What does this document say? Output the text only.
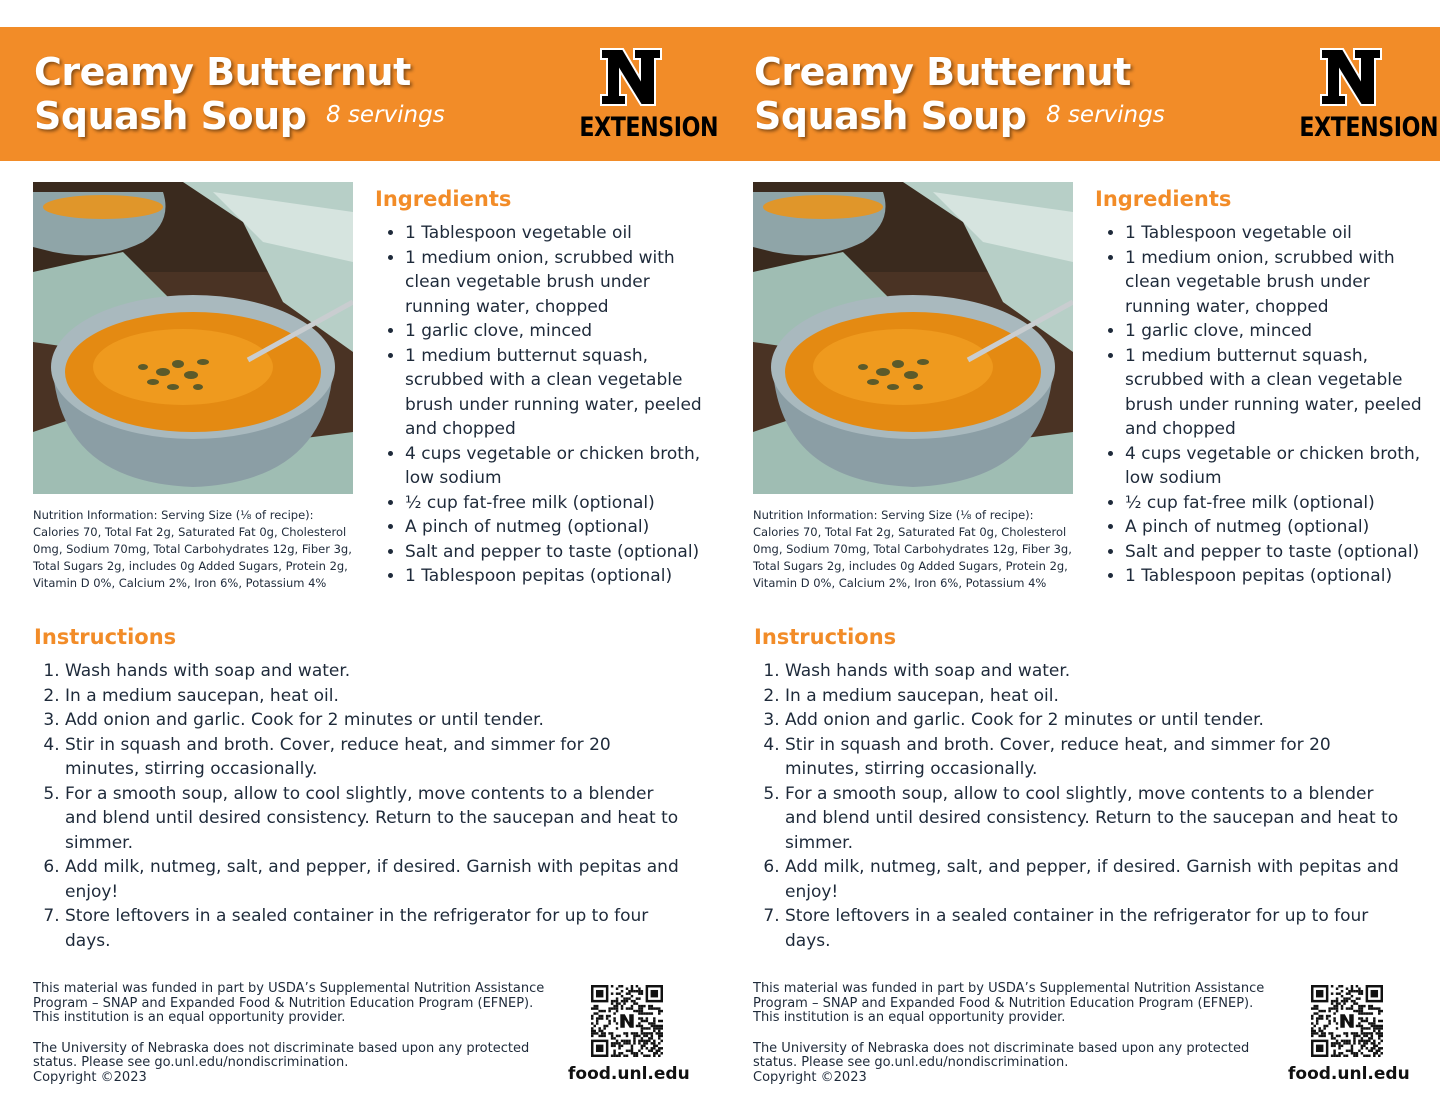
Creamy Butternut
Squash Soup 8 servings	EXTENSION
Nutrition Information: Serving Size (⅛ of recipe): Calories 70, Total Fat 2g, Saturated Fat 0g, Cholesterol 0mg, Sodium 70mg, Total Carbohydrates 12g, Fiber 3g, Total Sugars 2g, includes 0g Added Sugars, Protein 2g, Vitamin D 0%, Calcium 2%, Iron 6%, Potassium 4%
Ingredients
• 1 Tablespoon vegetable oil
• 1 medium onion, scrubbed with clean vegetable brush under running water, chopped
• 1 garlic clove, minced
• 1 medium butternut squash, scrubbed with a clean vegetable brush under running water, peeled and chopped
• 4 cups vegetable or chicken broth, low sodium
• ½ cup fat-free milk (optional)
• A pinch of nutmeg (optional)
• Salt and pepper to taste (optional)
• 1 Tablespoon pepitas (optional)
Instructions
1. Wash hands with soap and water.
2. In a medium saucepan, heat oil.
3. Add onion and garlic. Cook for 2 minutes or until tender.
4. Stir in squash and broth. Cover, reduce heat, and simmer for 20 minutes, stirring occasionally.
5. For a smooth soup, allow to cool slightly, move contents to a blender and blend until desired consistency. Return to the saucepan and heat to simmer.
6. Add milk, nutmeg, salt, and pepper, if desired. Garnish with pepitas and enjoy!
7. Store leftovers in a sealed container in the refrigerator for up to four days.

This material was funded in part by USDA’s Supplemental Nutrition Assistance Program – SNAP and Expanded Food & Nutrition Education Program (EFNEP). This institution is an equal opportunity provider.

The University of Nebraska does not discriminate based upon any protected status. Please see go.unl.edu/nondiscrimination.

Copyright ©2023	food.unl.edu
Creamy Butternut
Squash Soup 8 servings	EXTENSION
Nutrition Information: Serving Size (⅛ of recipe): Calories 70, Total Fat 2g, Saturated Fat 0g, Cholesterol 0mg, Sodium 70mg, Total Carbohydrates 12g, Fiber 3g, Total Sugars 2g, includes 0g Added Sugars, Protein 2g, Vitamin D 0%, Calcium 2%, Iron 6%, Potassium 4%
Ingredients
• 1 Tablespoon vegetable oil
• 1 medium onion, scrubbed with clean vegetable brush under running water, chopped
• 1 garlic clove, minced
• 1 medium butternut squash, scrubbed with a clean vegetable brush under running water, peeled and chopped
• 4 cups vegetable or chicken broth, low sodium
• ½ cup fat-free milk (optional)
• A pinch of nutmeg (optional)
• Salt and pepper to taste (optional)
• 1 Tablespoon pepitas (optional)
Instructions
1. Wash hands with soap and water.
2. In a medium saucepan, heat oil.
3. Add onion and garlic. Cook for 2 minutes or until tender.
4. Stir in squash and broth. Cover, reduce heat, and simmer for 20 minutes, stirring occasionally.
5. For a smooth soup, allow to cool slightly, move contents to a blender and blend until desired consistency. Return to the saucepan and heat to simmer.
6. Add milk, nutmeg, salt, and pepper, if desired. Garnish with pepitas and enjoy!
7. Store leftovers in a sealed container in the refrigerator for up to four days.

This material was funded in part by USDA’s Supplemental Nutrition Assistance Program – SNAP and Expanded Food & Nutrition Education Program (EFNEP). This institution is an equal opportunity provider.

The University of Nebraska does not discriminate based upon any protected status. Please see go.unl.edu/nondiscrimination.

Copyright ©2023	food.unl.edu
